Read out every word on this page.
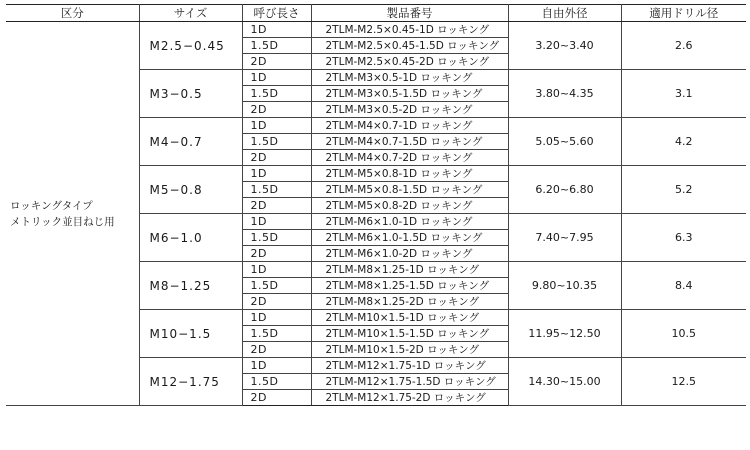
区分	サイズ	呼び長さ	製品番号	自由外径	適用ドリル径

ロッキングタイプ
メトリック並目ねじ用	M2.5−0.45	1D	2TLM-M2.5×0.45-1D ロッキング	3.20~3.40	2.6
		1.5D	2TLM-M2.5×0.45-1.5D ロッキング		
		2D	2TLM-M2.5×0.45-2D ロッキング		
	M3−0.5	1D	2TLM-M3×0.5-1D ロッキング	3.80~4.35	3.1
		1.5D	2TLM-M3×0.5-1.5D ロッキング		
		2D	2TLM-M3×0.5-2D ロッキング		
	M4−0.7	1D	2TLM-M4×0.7-1D ロッキング	5.05~5.60	4.2
		1.5D	2TLM-M4×0.7-1.5D ロッキング		
		2D	2TLM-M4×0.7-2D ロッキング		
	M5−0.8	1D	2TLM-M5×0.8-1D ロッキング	6.20~6.80	5.2
		1.5D	2TLM-M5×0.8-1.5D ロッキング		
		2D	2TLM-M5×0.8-2D ロッキング		
	M6−1.0	1D	2TLM-M6×1.0-1D ロッキング	7.40~7.95	6.3
		1.5D	2TLM-M6×1.0-1.5D ロッキング		
		2D	2TLM-M6×1.0-2D ロッキング		
	M8−1.25	1D	2TLM-M8×1.25-1D ロッキング	9.80~10.35	8.4
		1.5D	2TLM-M8×1.25-1.5D ロッキング		
		2D	2TLM-M8×1.25-2D ロッキング		
	M10−1.5	1D	2TLM-M10×1.5-1D ロッキング	11.95~12.50	10.5
		1.5D	2TLM-M10×1.5-1.5D ロッキング		
		2D	2TLM-M10×1.5-2D ロッキング		
	M12−1.75	1D	2TLM-M12×1.75-1D ロッキング	14.30~15.00	12.5
		1.5D	2TLM-M12×1.75-1.5D ロッキング		
		2D	2TLM-M12×1.75-2D ロッキング		
